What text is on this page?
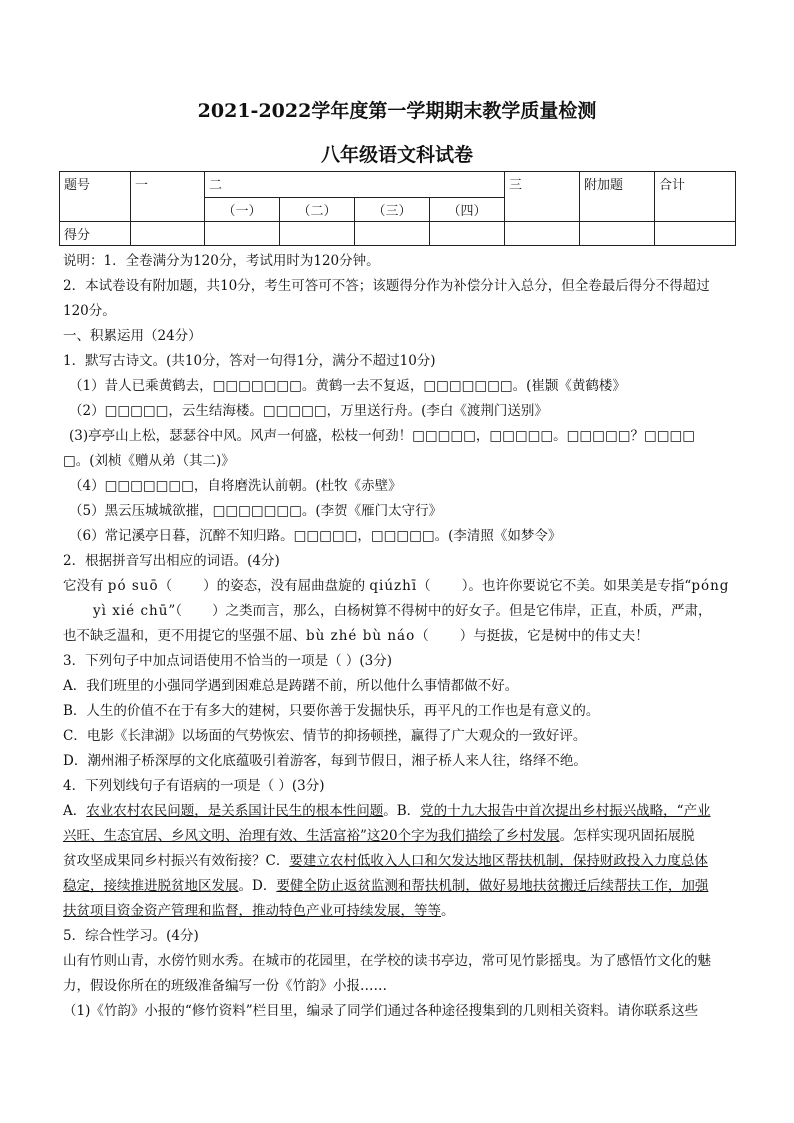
2021-2022学年度第一学期期末教学质量检测
八年级语文科试卷
题号	一	二				三	附加题	合计
		（一）	（二）	（三）	（四）			
得分								
说明：1．全卷满分为120分，考试用时为120分钟。
2．本试卷设有附加题，共10分，考生可答可不答；该题得分作为补偿分计入总分，但全卷最后得分不得超过
120分。
一、积累运用（24分）
1．默写古诗文。(共10分，答对一句得1分，满分不超过10分)
（1）昔人已乘黄鹤去，□□□□□□□。黄鹤一去不复返，□□□□□□□。(崔颢《黄鹤楼》
（2）□□□□□，云生结海楼。□□□□□，万里送行舟。(李白《渡荆门送别》
(3)亭亭山上松，瑟瑟谷中风。风声一何盛，松枝一何劲！□□□□□，□□□□□。□□□□□？□□□□
□。(刘桢《赠从弟（其二)》
（4）□□□□□□□，自将磨洗认前朝。(杜牧《赤壁》
（5）黑云压城城欲摧，□□□□□□□。(李贺《雁门太守行》
（6）常记溪亭日暮，沉醉不知归路。□□□□□，□□□□□。(李清照《如梦令》
2．根据拼音写出相应的词语。(4分)
它没有 pó suō（ ）的姿态，没有屈曲盘旋的 qiúzhī（ ）。也许你要说它不美。如果美是专指“póng
yì xié chū”（ ）之类而言，那么，白杨树算不得树中的好女子。但是它伟岸，正直，朴质，严肃，
也不缺乏温和，更不用提它的坚强不屈、bù zhé bù náo（ ）与挺拔，它是树中的伟丈夫！
3．下列句子中加点词语使用不恰当的一项是（ ）(3分)
A．我们班里的小强同学遇到困难总是踌躇不前，所以他什么事情都做不好。
B．人生的价值不在于有多大的建树，只要你善于发掘快乐，再平凡的工作也是有意义的。
C．电影《长津湖》以场面的气势恢宏、情节的抑扬顿挫，赢得了广大观众的一致好评。
D．潮州湘子桥深厚的文化底蕴吸引着游客，每到节假日，湘子桥人来人往，络绎不绝。
4．下列划线句子有语病的一项是（ ）(3分)
A．农业农村农民问题，是关系国计民生的根本性问题。B．党的十九大报告中首次提出乡村振兴战略，“产业
兴旺、生态宜居、乡风文明、治理有效、生活富裕”这20个字为我们描绘了乡村发展。怎样实现巩固拓展脱
贫攻坚成果同乡村振兴有效衔接？C．要建立农村低收入人口和欠发达地区帮扶机制，保持财政投入力度总体
稳定，接续推进脱贫地区发展。D．要健全防止返贫监测和帮扶机制，做好易地扶贫搬迁后续帮扶工作，加强
扶贫项目资金资产管理和监督，推动特色产业可持续发展，等等。
5．综合性学习。(4分)
山有竹则山青，水傍竹则水秀。在城市的花园里，在学校的读书亭边，常可见竹影摇曳。为了感悟竹文化的魅
力，假设你所在的班级准备编写一份《竹韵》小报……
（1)《竹韵》小报的“修竹资料”栏目里，编录了同学们通过各种途径搜集到的几则相关资料。请你联系这些
